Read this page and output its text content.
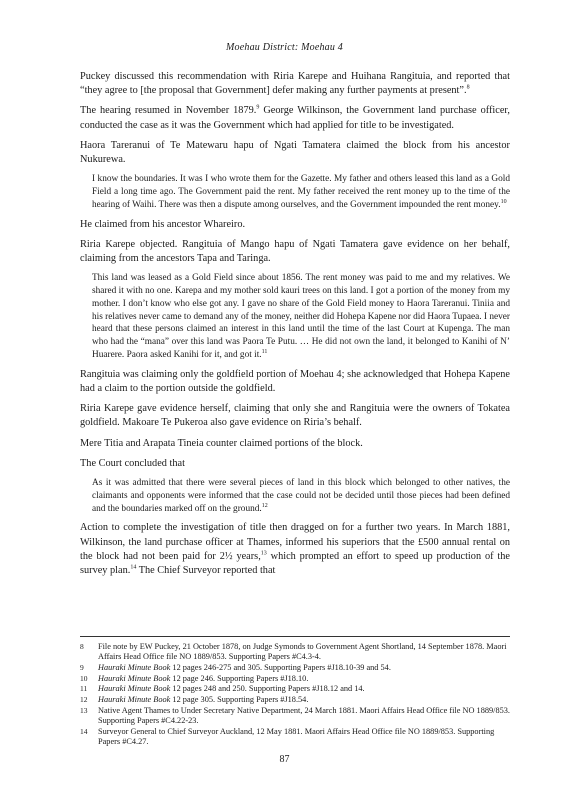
Moehau District: Moehau 4

Puckey discussed this recommendation with Riria Karepe and Huihana Rangituia, and reported that “they agree to [the proposal that Government] defer making any further payments at present”.$^8$

The hearing resumed in November 1879.$^9$ George Wilkinson, the Government land purchase officer, conducted the case as it was the Government which had applied for title to be investigated.

Haora Tareranui of Te Matewaru hapu of Ngati Tamatera claimed the block from his ancestor Nukurewa.

I know the boundaries. It was I who wrote them for the Gazette. My father and others leased this land as a Gold Field a long time ago. The Government paid the rent. My father received the rent money up to the time of the hearing of Waihi. There was then a dispute among ourselves, and the Government impounded the rent money.$^{10}$

He claimed from his ancestor Whareiro.

Riria Karepe objected. Rangituia of Mango hapu of Ngati Tamatera gave evidence on her behalf, claiming from the ancestors Tapa and Taringa.

This land was leased as a Gold Field since about 1856. The rent money was paid to me and my relatives. We shared it with no one. Karepa and my mother sold kauri trees on this land. I got a portion of the money from my mother. I don’t know who else got any. I gave no share of the Gold Field money to Haora Tareranui. Tiniia and his relatives never came to demand any of the money, neither did Hohepa Kapene nor did Haora Tupaea. I never heard that these persons claimed an interest in this land until the time of the last Court at Kupenga. The man who had the “mana” over this land was Paora Te Putu. … He did not own the land, it belonged to Kanihi of N’ Huarere. Paora asked Kanihi for it, and got it.$^{11}$

Rangituia was claiming only the goldfield portion of Moehau 4; she acknowledged that Hohepa Kapene had a claim to the portion outside the goldfield.

Riria Karepe gave evidence herself, claiming that only she and Rangituia were the owners of Tokatea goldfield. Makoare Te Pukeroa also gave evidence on Riria’s behalf.

Mere Titia and Arapata Tineia counter claimed portions of the block.

The Court concluded that

As it was admitted that there were several pieces of land in this block which belonged to other natives, the claimants and opponents were informed that the case could not be decided until those pieces had been defined and the boundaries marked off on the ground.$^{12}$

Action to complete the investigation of title then dragged on for a further two years. In March 1881, Wilkinson, the land purchase officer at Thames, informed his superiors that the £500 annual rental on the block had not been paid for 2½ years,$^{13}$ which prompted an effort to speed up production of the survey plan.$^{14}$ The Chief Surveyor reported that

8	File note by EW Puckey, 21 October 1878, on Judge Symonds to Government Agent Shortland, 14 September 1878. Maori Affairs Head Office file NO 1889/853. Supporting Papers #C4.3-4.
9	Hauraki Minute Book 12 pages 246-275 and 305. Supporting Papers #J18.10-39 and 54.
10	Hauraki Minute Book 12 page 246. Supporting Papers #J18.10.
11	Hauraki Minute Book 12 pages 248 and 250. Supporting Papers #J18.12 and 14.
12	Hauraki Minute Book 12 page 305. Supporting Papers #J18.54.
13	Native Agent Thames to Under Secretary Native Department, 24 March 1881. Maori Affairs Head Office file NO 1889/853. Supporting Papers #C4.22-23.
14	Surveyor General to Chief Surveyor Auckland, 12 May 1881. Maori Affairs Head Office file NO 1889/853. Supporting Papers #C4.27.
87
